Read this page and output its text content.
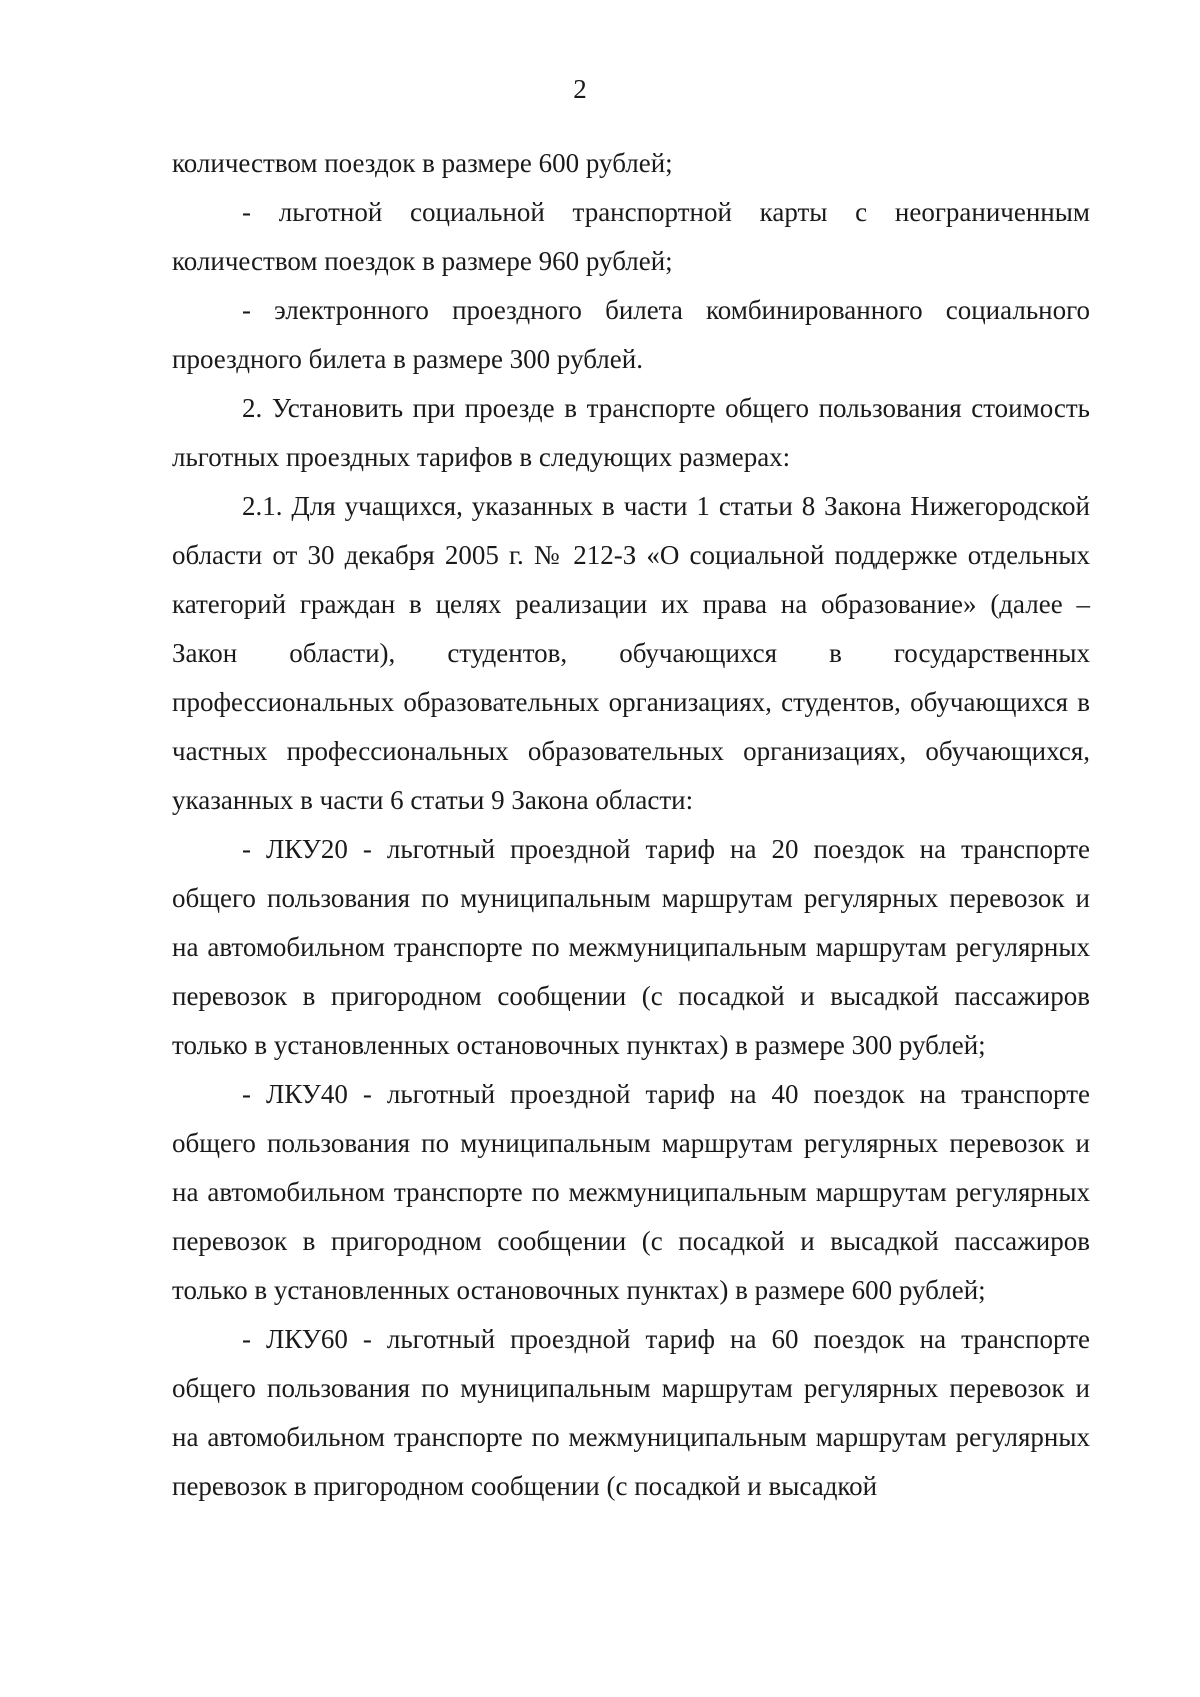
2

количеством поездок в размере 600 рублей;

- льготной социальной транспортной карты с неограниченным количеством поездок в размере 960 рублей;

- электронного проездного билета комбинированного социального проездного билета в размере 300 рублей.

2. Установить при проезде в транспорте общего пользования стоимость льготных проездных тарифов в следующих размерах:

2.1. Для учащихся, указанных в части 1 статьи 8 Закона Нижегородской области от 30 декабря 2005 г. № 212-З «О социальной поддержке отдельных категорий граждан в целях реализации их права на образование» (далее – Закон области), студентов, обучающихся в государственных профессиональных образовательных организациях, студентов, обучающихся в частных профессиональных образовательных организациях, обучающихся, указанных в части 6 статьи 9 Закона области:

- ЛКУ20 - льготный проездной тариф на 20 поездок на транспорте общего пользования по муниципальным маршрутам регулярных перевозок и на автомобильном транспорте по межмуниципальным маршрутам регулярных перевозок в пригородном сообщении (с посадкой и высадкой пассажиров только в установленных остановочных пунктах) в размере 300 рублей;

- ЛКУ40 - льготный проездной тариф на 40 поездок на транспорте общего пользования по муниципальным маршрутам регулярных перевозок и на автомобильном транспорте по межмуниципальным маршрутам регулярных перевозок в пригородном сообщении (с посадкой и высадкой пассажиров только в установленных остановочных пунктах) в размере 600 рублей;

- ЛКУ60 - льготный проездной тариф на 60 поездок на транспорте общего пользования по муниципальным маршрутам регулярных перевозок и на автомобильном транспорте по межмуниципальным маршрутам регулярных перевозок в пригородном сообщении (с посадкой и высадкой
